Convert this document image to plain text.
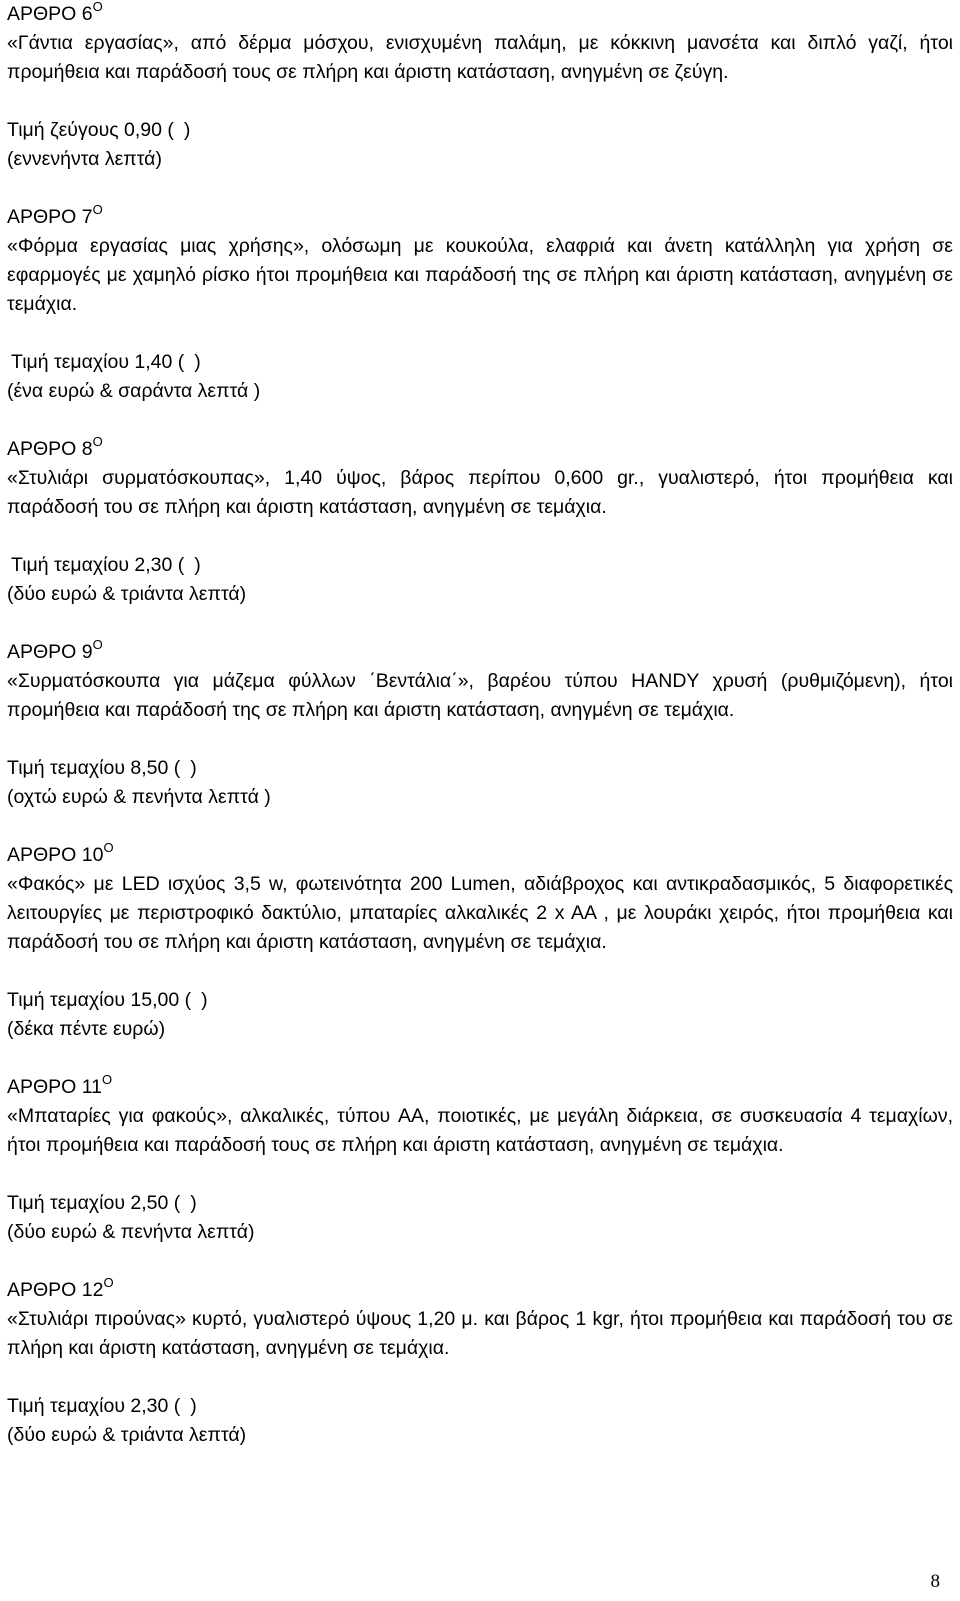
ΑΡΘΡΟ $6^O$
«Γάντια εργασίας», από δέρμα μόσχου, ενισχυμένη παλάμη, με κόκκινη μανσέτα και διπλό γαζί, ήτοι προμήθεια και παράδοσή τους σε πλήρη και άριστη κατάσταση, ανηγμένη σε ζεύγη.
Τιμή ζεύγους 0,90 ( )
(εννενήντα λεπτά)
ΑΡΘΡΟ $7^O$
«Φόρμα εργασίας μιας χρήσης», ολόσωμη με κουκούλα, ελαφριά και άνετη κατάλληλη για χρήση σε εφαρμογές με χαμηλό ρίσκο ήτοι προμήθεια και παράδοσή της σε πλήρη και άριστη κατάσταση, ανηγμένη σε τεμάχια.
Τιμή τεμαχίου 1,40 ( )
(ένα ευρώ & σαράντα λεπτά )
ΑΡΘΡΟ $8^O$
«Στυλιάρι συρματόσκουπας», 1,40 ύψος, βάρος περίπου 0,600 gr., γυαλιστερό, ήτοι προμήθεια και παράδοσή του σε πλήρη και άριστη κατάσταση, ανηγμένη σε τεμάχια.
Τιμή τεμαχίου 2,30 ( )
(δύο ευρώ & τριάντα λεπτά)
ΑΡΘΡΟ $9^O$
«Συρματόσκουπα για μάζεμα φύλλων ΄Βεντάλια΄», βαρέου τύπου HANDY χρυσή (ρυθμιζόμενη), ήτοι προμήθεια και παράδοσή της σε πλήρη και άριστη κατάσταση, ανηγμένη σε τεμάχια.
Τιμή τεμαχίου 8,50 ( )
(οχτώ ευρώ & πενήντα λεπτά )
ΑΡΘΡΟ $10^O$
«Φακός» με LED ισχύος 3,5 w, φωτεινότητα 200 Lumen, αδιάβροχος και αντικραδασμικός, 5 διαφορετικές λειτουργίες με περιστροφικό δακτύλιο, μπαταρίες αλκαλικές 2 x AA , με λουράκι χειρός, ήτοι προμήθεια και παράδοσή του σε πλήρη και άριστη κατάσταση, ανηγμένη σε τεμάχια.
Τιμή τεμαχίου 15,00 ( )
(δέκα πέντε ευρώ)
ΑΡΘΡΟ $11^O$
«Μπαταρίες για φακούς», αλκαλικές, τύπου AA, ποιοτικές, με μεγάλη διάρκεια, σε συσκευασία 4 τεμαχίων, ήτοι προμήθεια και παράδοσή τους σε πλήρη και άριστη κατάσταση, ανηγμένη σε τεμάχια.
Τιμή τεμαχίου 2,50 ( )
(δύο ευρώ & πενήντα λεπτά)
ΑΡΘΡΟ $12^O$
«Στυλιάρι πιρούνας» κυρτό, γυαλιστερό ύψους 1,20 μ. και βάρος 1 kgr, ήτοι προμήθεια και παράδοσή του σε πλήρη και άριστη κατάσταση, ανηγμένη σε τεμάχια.
Τιμή τεμαχίου 2,30 ( )
(δύο ευρώ & τριάντα λεπτά)
8
